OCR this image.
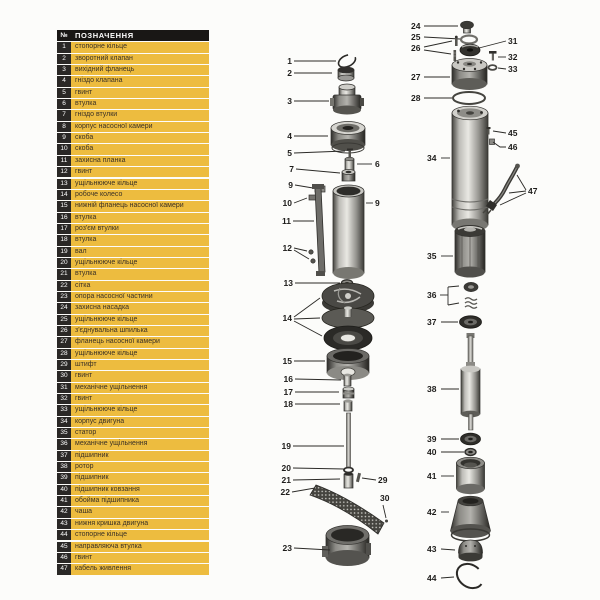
№ ПОЗНАЧЕННЯ
1	стопорне кільце
2	зворотний клапан
3	вихідний фланець
4	гніздо клапана
5	гвинт
6	втулка
7	гніздо втулки
8	корпус насосної камери
9	скоба
10	скоба
11	захисна планка
12	гвинт
13	ущільнююче кільце
14	робоче колесо
15	нижній фланець насосної камери
16	втулка
17	роз'єм втулки
18	втулка
19	вал
20	ущільнююче кільце
21	втулка
22	сітка
23	опора насосної частини
24	захисна насадка
25	ущільнююче кільце
26	з'єднувальна шпилька
27	фланець насосної камери
28	ущільнююче кільце
29	штифт
30	гвинт
31	механічне ущільнення
32	гвинт
33	ущільнююче кільце
34	корпус двигуна
35	статор
36	механічне ущільнення
37	підшипник
38	ротор
39	підшипник
40	підшипник ковзання
41	обойма підшипника
42	чаша
43	нижня кришка двигуна
44	стопорне кільце
45	направляюча втулка
46	гвинт
47	кабель живлення
1
2
3
4
5
6
7
9
10
11
12
9
13
14
15
16
17
18
19
20
21	29
22
30
23
24
25
26
31
32
33
27
28
34
45
46
47
35
36
37
38
39
40
41
42
43
44
